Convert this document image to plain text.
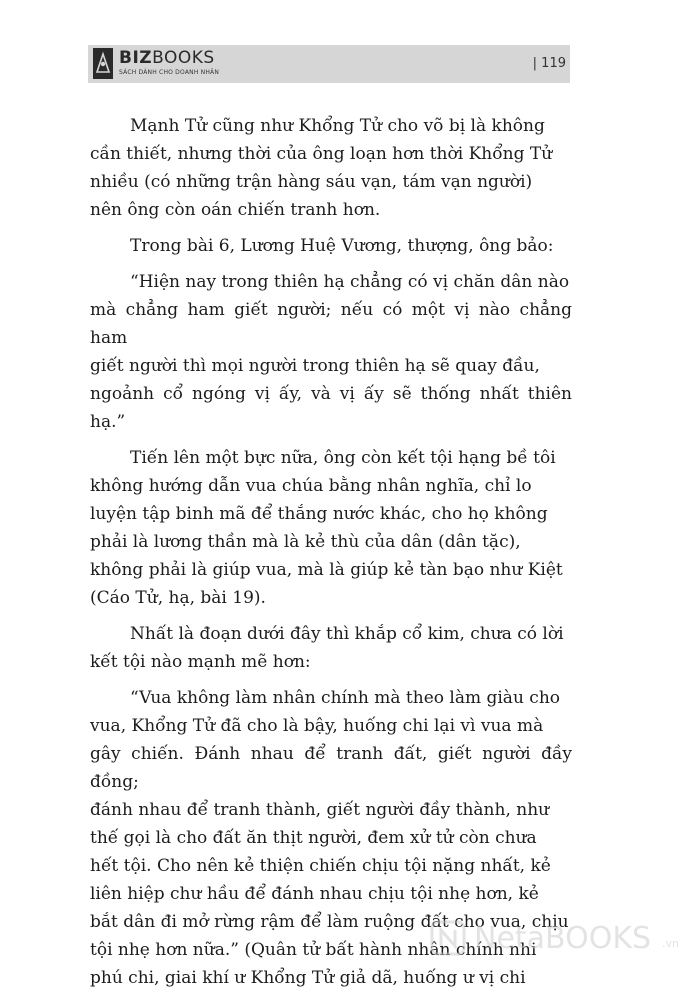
BIZBOOKS
SÁCH DÀNH CHO DOANH NHÂN
| 119

Mạnh Tử cũng như Khổng Tử cho võ bị là không
cần thiết, nhưng thời của ông loạn hơn thời Khổng Tử
nhiều (có những trận hàng sáu vạn, tám vạn người)
nên ông còn oán chiến tranh hơn.

Trong bài 6, Lương Huệ Vương, thượng, ông bảo:

“Hiện nay trong thiên hạ chẳng có vị chăn dân nào
mà chẳng ham giết người; nếu có một vị nào chẳng ham
giết người thì mọi người trong thiên hạ sẽ quay đầu,
ngoảnh cổ ngóng vị ấy, và vị ấy sẽ thống nhất thiên hạ.”

Tiến lên một bực nữa, ông còn kết tội hạng bề tôi
không hướng dẫn vua chúa bằng nhân nghĩa, chỉ lo
luyện tập binh mã để thắng nước khác, cho họ không
phải là lương thần mà là kẻ thù của dân (dân tặc),
không phải là giúp vua, mà là giúp kẻ tàn bạo như Kiệt
(Cáo Tử, hạ, bài 19).

Nhất là đoạn dưới đây thì khắp cổ kim, chưa có lời
kết tội nào mạnh mẽ hơn:

“Vua không làm nhân chính mà theo làm giàu cho
vua, Khổng Tử đã cho là bậy, huống chi lại vì vua mà
gây chiến. Đánh nhau để tranh đất, giết người đầy đồng;
đánh nhau để tranh thành, giết người đầy thành, như
thế gọi là cho đất ăn thịt người, đem xử tử còn chưa
hết tội. Cho nên kẻ thiện chiến chịu tội nặng nhất, kẻ
liên hiệp chư hầu để đánh nhau chịu tội nhẹ hơn, kẻ
bắt dân đi mở rừng rậm để làm ruộng đất cho vua, chịu
tội nhẹ hơn nữa.” (Quân tử bất hành nhân chính nhi
phú chi, giai khí ư Khổng Tử giả dã, huống ư vị chi

NetaBOOKS .vn
